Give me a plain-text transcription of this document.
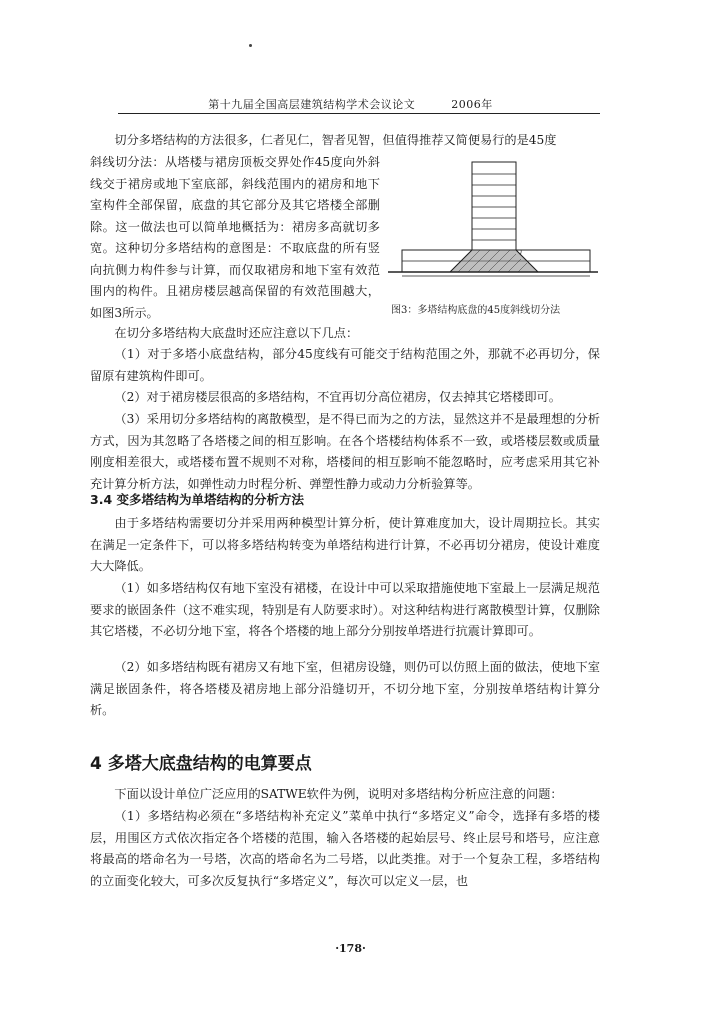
第十九届全国高层建筑结构学术会议论文	2006年
切分多塔结构的方法很多，仁者见仁，智者见智，但值得推荐又简便易行的是45度
斜线切分法：从塔楼与裙房顶板交界处作45度向外斜线交于裙房或地下室底部，斜线范围内的裙房和地下室构件全部保留，底盘的其它部分及其它塔楼全部删除。这一做法也可以简单地概括为：裙房多高就切多宽。这种切分多塔结构的意图是：不取底盘的所有竖向抗侧力构件参与计算，而仅取裙房和地下室有效范围内的构件。且裙房楼层越高保留的有效范围越大，如图3所示。	图3：多塔结构底盘的45度斜线切分法
在切分多塔结构大底盘时还应注意以下几点：
（1）对于多塔小底盘结构，部分45度线有可能交于结构范围之外，那就不必再切分，保留原有建筑构件即可。
（2）对于裙房楼层很高的多塔结构，不宜再切分高位裙房，仅去掉其它塔楼即可。
（3）采用切分多塔结构的离散模型，是不得已而为之的方法，显然这并不是最理想的分析方式，因为其忽略了各塔楼之间的相互影响。在各个塔楼结构体系不一致，或塔楼层数或质量刚度相差很大，或塔楼布置不规则不对称，塔楼间的相互影响不能忽略时，应考虑采用其它补充计算分析方法，如弹性动力时程分析、弹塑性静力或动力分析验算等。
3.4 变多塔结构为单塔结构的分析方法
由于多塔结构需要切分并采用两种模型计算分析，使计算难度加大，设计周期拉长。其实在满足一定条件下，可以将多塔结构转变为单塔结构进行计算，不必再切分裙房，使设计难度大大降低。
（1）如多塔结构仅有地下室没有裙楼，在设计中可以采取措施使地下室最上一层满足规范要求的嵌固条件（这不难实现，特别是有人防要求时）。对这种结构进行离散模型计算，仅删除其它塔楼，不必切分地下室，将各个塔楼的地上部分分别按单塔进行抗震计算即可。
（2）如多塔结构既有裙房又有地下室，但裙房设缝，则仍可以仿照上面的做法，使地下室满足嵌固条件，将各塔楼及裙房地上部分沿缝切开，不切分地下室，分别按单塔结构计算分析。
4 多塔大底盘结构的电算要点
下面以设计单位广泛应用的SATWE软件为例，说明对多塔结构分析应注意的问题：
（1）多塔结构必须在“多塔结构补充定义”菜单中执行“多塔定义”命令，选择有多塔的楼层，用围区方式依次指定各个塔楼的范围，输入各塔楼的起始层号、终止层号和塔号，应注意将最高的塔命名为一号塔，次高的塔命名为二号塔，以此类推。对于一个复杂工程，多塔结构的立面变化较大，可多次反复执行“多塔定义”，每次可以定义一层，也
·178·
